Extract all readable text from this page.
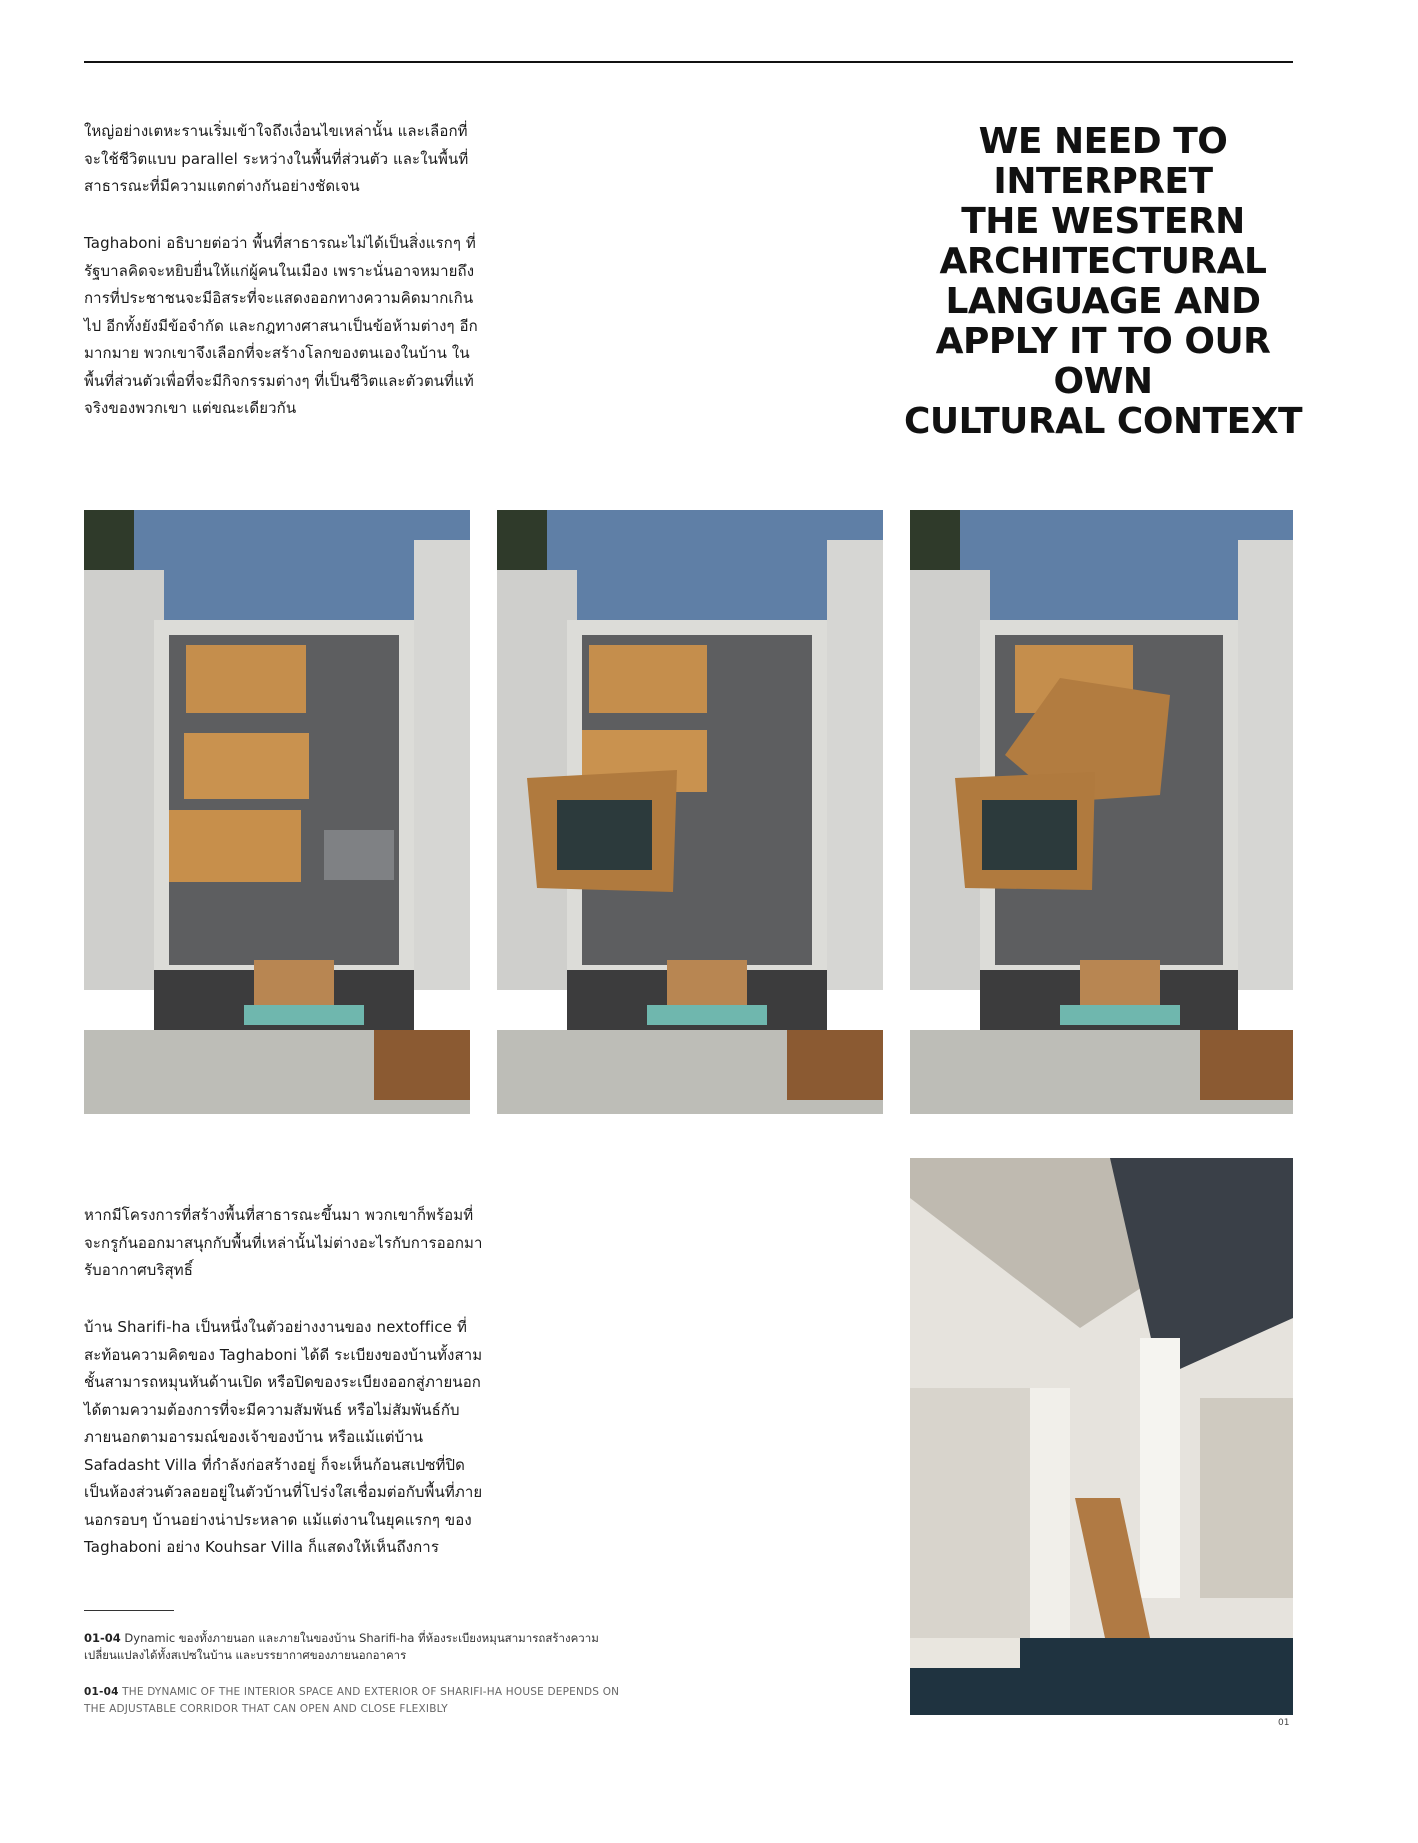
ใหญ่อย่างเตหะรานเริ่มเข้าใจถึงเงื่อนไขเหล่านั้น และเลือกที่จะใช้ชีวิตแบบ parallel ระหว่างในพื้นที่ส่วนตัว และในพื้นที่สาธารณะที่มีความแตกต่างกันอย่างชัดเจน

Taghaboni อธิบายต่อว่า พื้นที่สาธารณะไม่ได้เป็นสิ่งแรกๆ ที่รัฐบาลคิดจะหยิบยื่นให้แก่ผู้คนในเมือง เพราะนั่นอาจหมายถึงการที่ประชาชนจะมีอิสระที่จะแสดงออกทางความคิดมากเกินไป อีกทั้งยังมีข้อจำกัด และกฎทางศาสนาเป็นข้อห้ามต่างๆ อีกมากมาย พวกเขาจึงเลือกที่จะสร้างโลกของตนเองในบ้าน ในพื้นที่ส่วนตัวเพื่อที่จะมีกิจกรรมต่างๆ ที่เป็นชีวิตและตัวตนที่แท้จริงของพวกเขา แต่ขณะเดียวกัน

WE NEED TO
INTERPRET
THE WESTERN
ARCHITECTURAL
LANGUAGE AND
APPLY IT TO OUR OWN
CULTURAL CONTEXT

หากมีโครงการที่สร้างพื้นที่สาธารณะขึ้นมา พวกเขาก็พร้อมที่จะกรูกันออกมาสนุกกับพื้นที่เหล่านั้นไม่ต่างอะไรกับการออกมารับอากาศบริสุทธิ์

บ้าน Sharifi-ha เป็นหนึ่งในตัวอย่างงานของ nextoffice ที่สะท้อนความคิดของ Taghaboni ได้ดี ระเบียงของบ้านทั้งสามชั้นสามารถหมุนหันด้านเปิด หรือปิดของระเบียงออกสู่ภายนอกได้ตามความต้องการที่จะมีความสัมพันธ์ หรือไม่สัมพันธ์กับภายนอกตามอารมณ์ของเจ้าของบ้าน หรือแม้แต่บ้าน Safadasht Villa ที่กำลังก่อสร้างอยู่ ก็จะเห็นก้อนสเปซที่ปิดเป็นห้องส่วนตัวลอยอยู่ในตัวบ้านที่โปร่งใสเชื่อมต่อกับพื้นที่ภายนอกรอบๆ บ้านอย่างน่าประหลาด แม้แต่งานในยุคแรกๆ ของ Taghaboni อย่าง Kouhsar Villa ก็แสดงให้เห็นถึงการ

01-04 Dynamic ของทั้งภายนอก และภายในของบ้าน Sharifi-ha ที่ห้องระเบียงหมุนสามารถสร้างความเปลี่ยนแปลงได้ทั้งสเปซในบ้าน และบรรยากาศของภายนอกอาคาร
01-04 THE DYNAMIC OF THE INTERIOR SPACE AND EXTERIOR OF SHARIFI-HA HOUSE DEPENDS ON THE ADJUSTABLE CORRIDOR THAT CAN OPEN AND CLOSE FLEXIBLY
01
